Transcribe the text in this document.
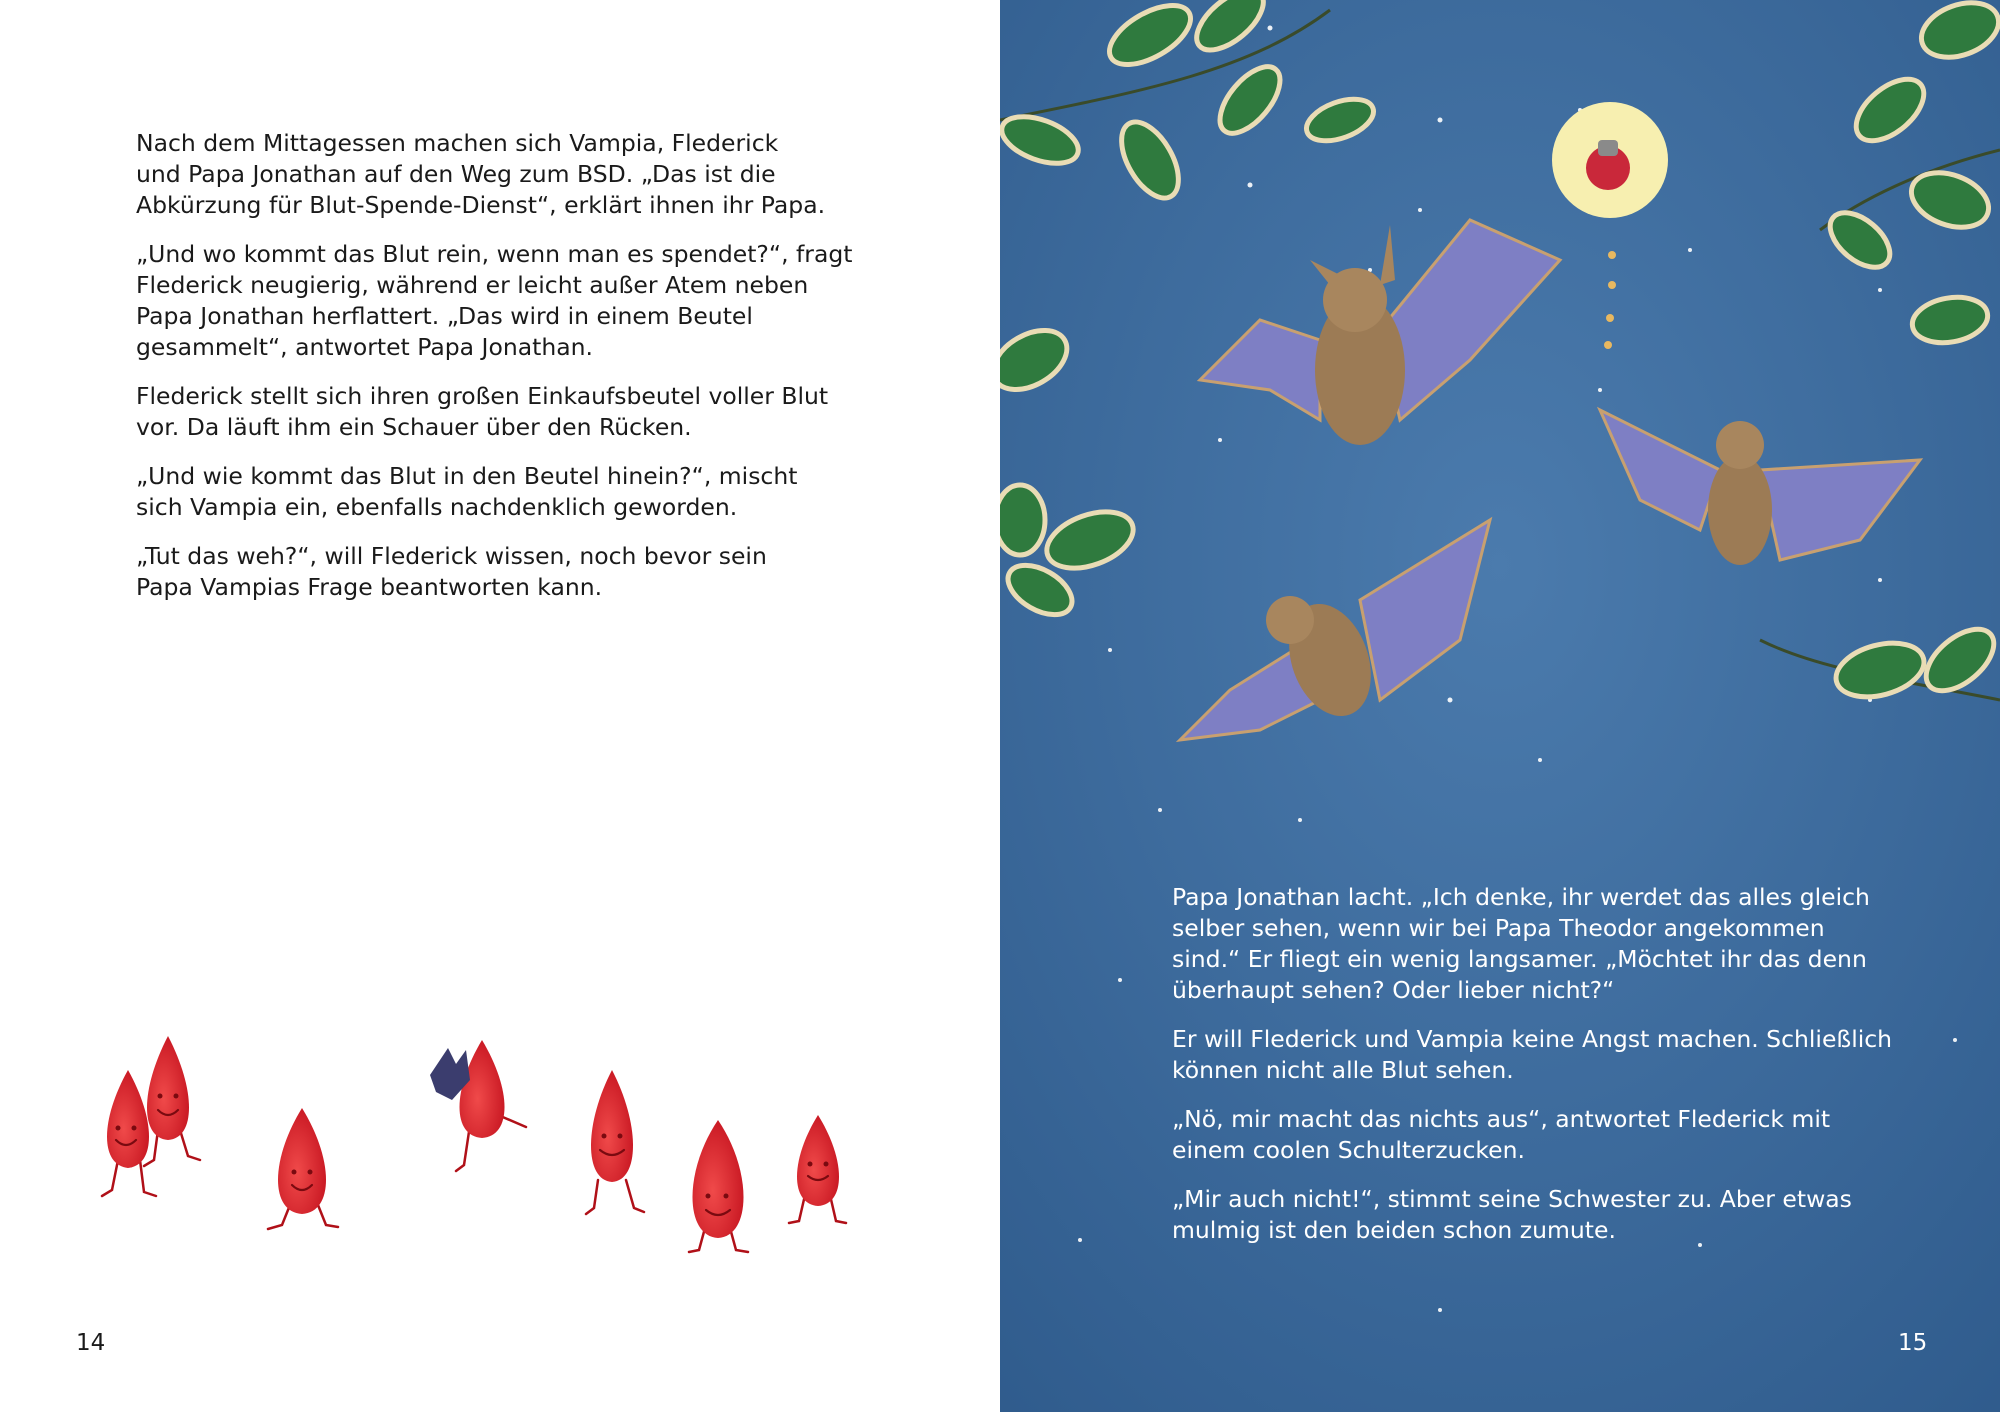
Nach dem Mittagessen machen sich Vampia, Flederick
und Papa Jonathan auf den Weg zum BSD. „Das ist die
Abkürzung für Blut-Spende-Dienst“, erklärt ihnen ihr Papa.

„Und wo kommt das Blut rein, wenn man es spendet?“, fragt
Flederick neugierig, während er leicht außer Atem neben
Papa Jonathan herflattert. „Das wird in einem Beutel
gesammelt“, antwortet Papa Jonathan.

Flederick stellt sich ihren großen Einkaufsbeutel voller Blut
vor. Da läuft ihm ein Schauer über den Rücken.

„Und wie kommt das Blut in den Beutel hinein?“, mischt
sich Vampia ein, ebenfalls nachdenklich geworden.

„Tut das weh?“, will Flederick wissen, noch bevor sein
Papa Vampias Frage beantworten kann.

14	15

Papa Jonathan lacht. „Ich denke, ihr werdet das alles gleich
selber sehen, wenn wir bei Papa Theodor angekommen
sind.“ Er fliegt ein wenig langsamer. „Möchtet ihr das denn
überhaupt sehen? Oder lieber nicht?“

Er will Flederick und Vampia keine Angst machen. Schließlich
können nicht alle Blut sehen.

„Nö, mir macht das nichts aus“, antwortet Flederick mit
einem coolen Schulterzucken.

„Mir auch nicht!“, stimmt seine Schwester zu. Aber etwas
mulmig ist den beiden schon zumute.
